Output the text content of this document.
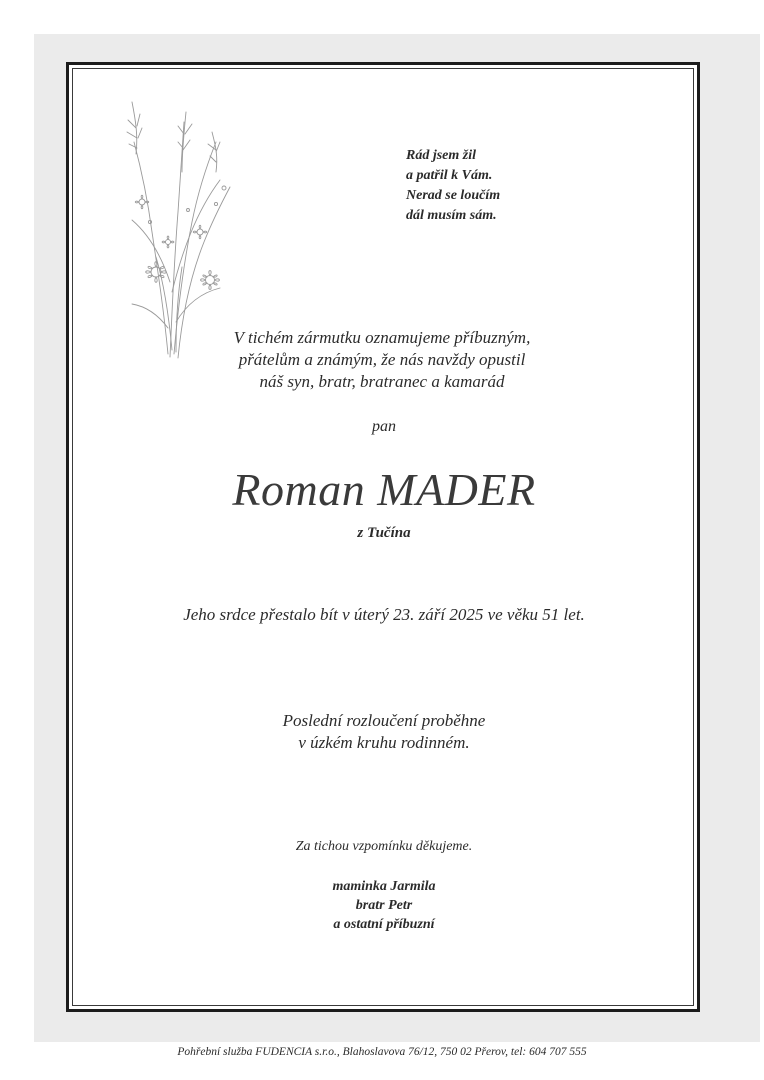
Rád jsem žil
a patřil k Vám.
Nerad se loučím
dál musím sám.
V tichém zármutku oznamujeme příbuzným,
přátelům a známým, že nás navždy opustil
náš syn, bratr, bratranec a kamarád
pan
Roman MADER
z Tučína
Jeho srdce přestalo bít v úterý 23. září 2025 ve věku 51 let.
Poslední rozloučení proběhne
v úzkém kruhu rodinném.
Za tichou vzpomínku děkujeme.
maminka Jarmila
bratr Petr
a ostatní příbuzní
Pohřební služba FUDENCIA s.r.o., Blahoslavova 76/12, 750 02 Přerov, tel: 604 707 555
